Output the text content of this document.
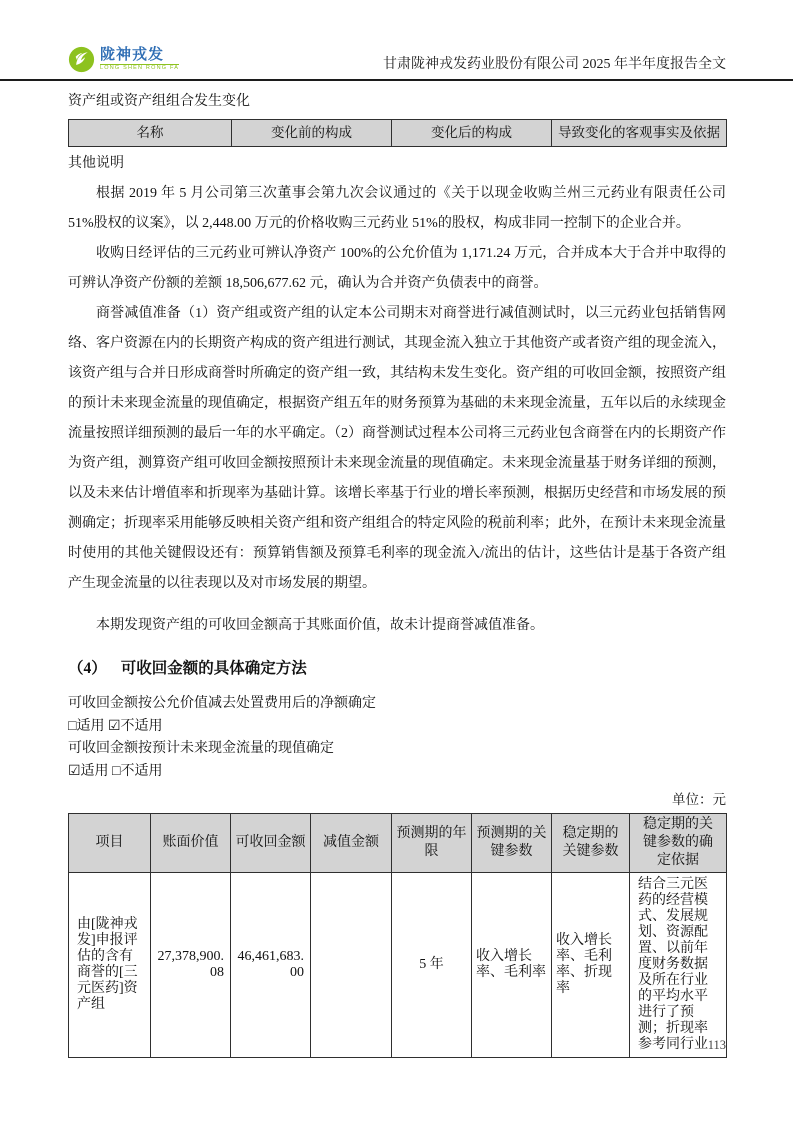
陇神戎发
LONG SHEN RONG FA	甘肃陇神戎发药业股份有限公司 2025 年半年度报告全文

资产组或资产组组合发生变化

名称	变化前的构成	变化后的构成	导致变化的客观事实及依据

其他说明

根据 2019 年 5 月公司第三次董事会第九次会议通过的《关于以现金收购兰州三元药业有限责任公司 51%股权的议案》，以 2,448.00 万元的价格收购三元药业 51%的股权，构成非同一控制下的企业合并。

收购日经评估的三元药业可辨认净资产 100%的公允价值为 1,171.24 万元，合并成本大于合并中取得的可辨认净资产份额的差额 18,506,677.62 元，确认为合并资产负债表中的商誉。

商誉减值准备（1）资产组或资产组的认定本公司期末对商誉进行减值测试时，以三元药业包括销售网络、客户资源在内的长期资产构成的资产组进行测试，其现金流入独立于其他资产或者资产组的现金流入，该资产组与合并日形成商誉时所确定的资产组一致，其结构未发生变化。资产组的可收回金额，按照资产组的预计未来现金流量的现值确定，根据资产组五年的财务预算为基础的未来现金流量，五年以后的永续现金流量按照详细预测的最后一年的水平确定。（2）商誉测试过程本公司将三元药业包含商誉在内的长期资产作为资产组，测算资产组可收回金额按照预计未来现金流量的现值确定。未来现金流量基于财务详细的预测，以及未来估计增值率和折现率为基础计算。该增长率基于行业的增长率预测，根据历史经营和市场发展的预测确定；折现率采用能够反映相关资产组和资产组组合的特定风险的税前利率；此外，在预计未来现金流量时使用的其他关键假设还有：预算销售额及预算毛利率的现金流入/流出的估计，这些估计是基于各资产组产生现金流量的以往表现以及对市场发展的期望。

本期发现资产组的可收回金额高于其账面价值，故未计提商誉减值准备。

（4） 可收回金额的具体确定方法

可收回金额按公允价值减去处置费用后的净额确定

□适用 ☑不适用

可收回金额按预计未来现金流量的现值确定

☑适用 □不适用

单位：元

项目	账面价值	可收回金额	减值金额	预测期的年限	预测期的关键参数	稳定期的关键参数	稳定期的关键参数的确定依据
由[陇神戎发]申报评估的含有商誉的[三元医药]资产组	27,378,900.08	46,461,683.00		5 年	收入增长率、毛利率	收入增长率、毛利率、折现率	结合三元医药的经营模式、发展规划、资源配置、以前年度财务数据及所在行业的平均水平进行了预测；折现率参考同行业 113
